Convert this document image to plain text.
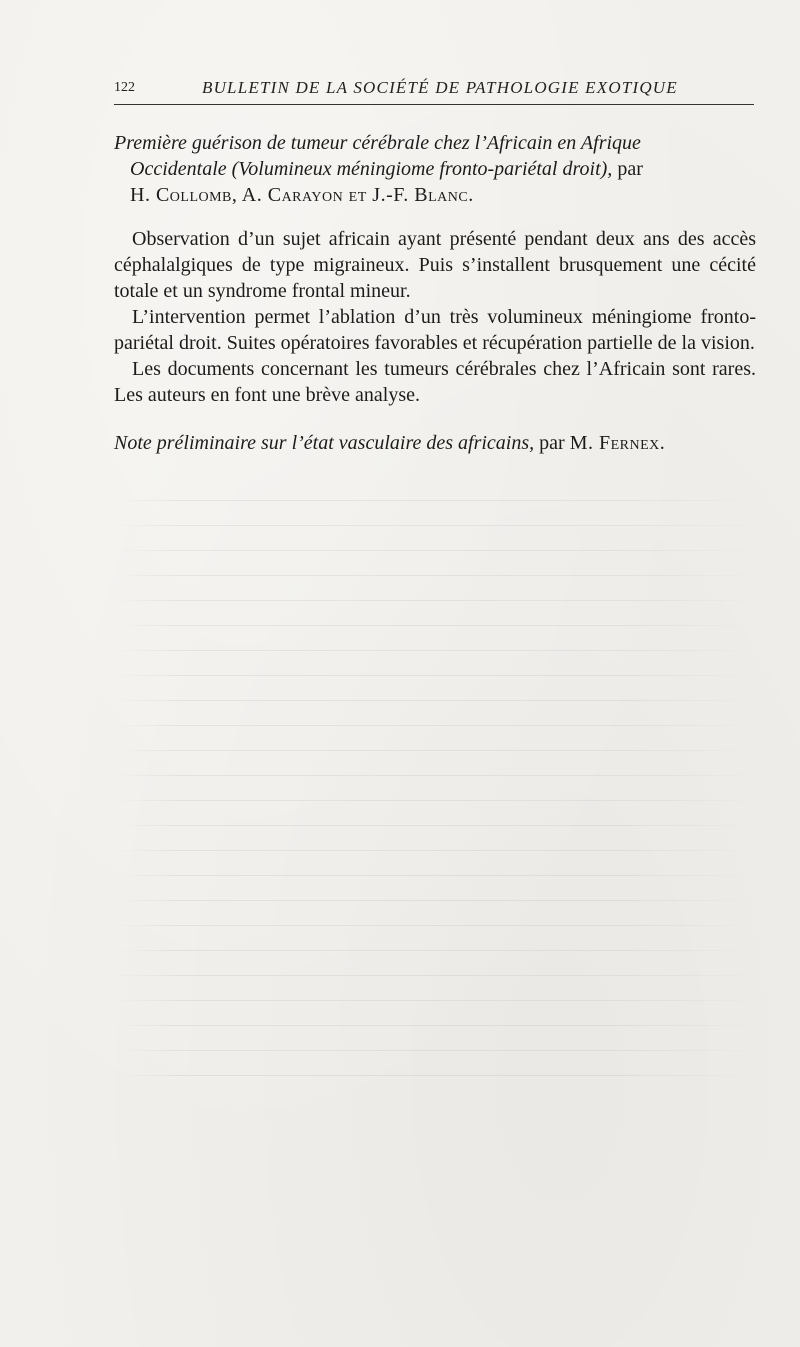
122	BULLETIN DE LA SOCIÉTÉ DE PATHOLOGIE EXOTIQUE

Première guérison de tumeur cérébrale chez l’Africain en Afrique
Occidentale (Volumineux méningiome fronto-pariétal droit), par
H. Collomb, A. Carayon et J.-F. Blanc.

Observation d’un sujet africain ayant présenté pendant deux ans des accès céphalalgiques de type migraineux. Puis s’installent brusquement une cécité totale et un syndrome frontal mineur.

L’intervention permet l’ablation d’un très volumineux méningiome fronto-pariétal droit. Suites opératoires favorables et récupération partielle de la vision.

Les documents concernant les tumeurs cérébrales chez l’Africain sont rares. Les auteurs en font une brève analyse.

Note préliminaire sur l’état vasculaire des africains, par M. Fernex.
